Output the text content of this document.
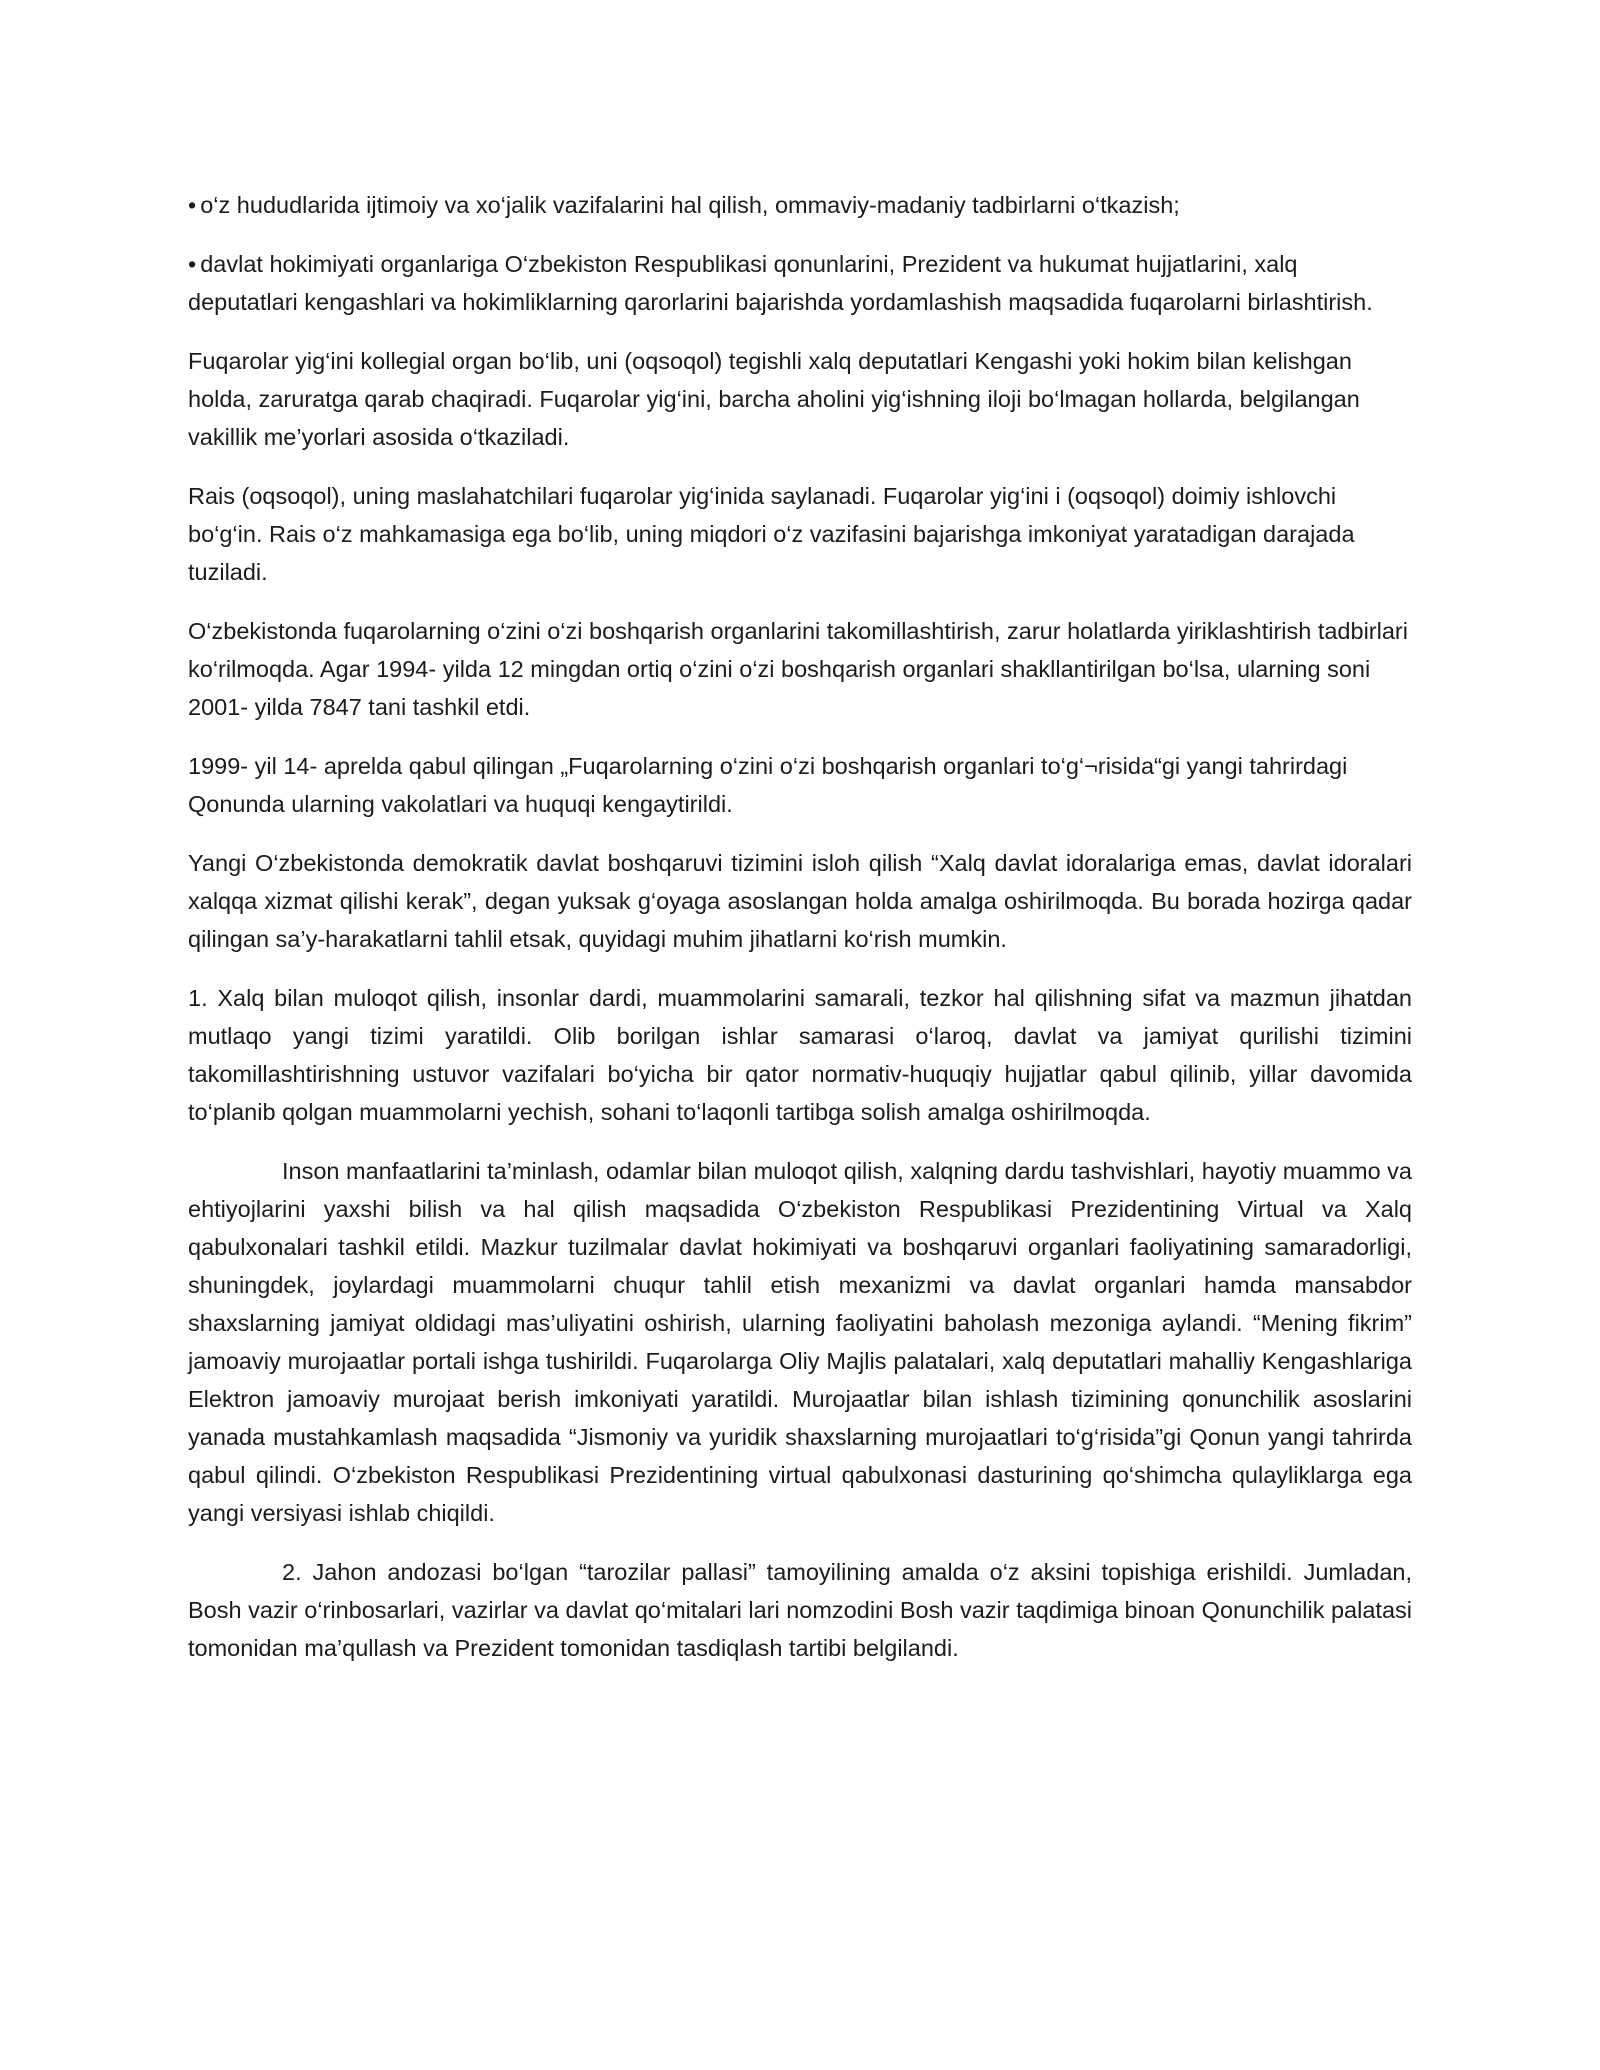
• o‘z hududlarida ijtimoiy va xo‘jalik vazifalarini hal qilish, ommaviy-madaniy tadbirlarni o‘tkazish;

• davlat hokimiyati organlariga O‘zbekiston Respublikasi qonunlarini, Prezident va hukumat hujjatlarini, xalq deputatlari kengashlari va hokimliklarning qarorlarini bajarishda yordamlashish maqsadida fuqarolarni birlashtirish.

Fuqarolar yig‘ini kollegial organ bo‘lib, uni (oqsoqol) tegishli xalq deputatlari Kengashi yoki hokim bilan kelishgan holda, zaruratga qarab chaqiradi. Fuqarolar yig‘ini, barcha aholini yig‘ishning iloji bo‘lmagan hollarda, belgilangan vakillik me’yorlari asosida o‘tkaziladi.

Rais (oqsoqol), uning maslahatchilari fuqarolar yig‘inida saylanadi. Fuqarolar yig‘ini i (oqsoqol) doimiy ishlovchi bo‘g‘in. Rais o‘z mahkamasiga ega bo‘lib, uning miqdori o‘z vazifasini bajarishga imkoniyat yaratadigan darajada tuziladi.

O‘zbekistonda fuqarolarning o‘zini o‘zi boshqarish organlarini takomillashtirish, zarur holatlarda yiriklashtirish tadbirlari ko‘rilmoqda. Agar 1994- yilda 12 mingdan ortiq o‘zini o‘zi boshqarish organlari shakllantirilgan bo‘lsa, ularning soni 2001- yilda 7847 tani tashkil etdi.

1999- yil 14- aprelda qabul qilingan „Fuqarolarning o‘zini o‘zi boshqarish organlari to‘g‘¬risida“gi yangi tahrirdagi Qonunda ularning vakolatlari va huquqi kengaytirildi.

Yangi O‘zbekistonda demokratik davlat boshqaruvi tizimini isloh qilish “Xalq davlat idoralariga emas, davlat idoralari xalqqa xizmat qilishi kerak”, degan yuksak g‘oyaga asoslangan holda amalga oshirilmoqda. Bu borada hozirga qadar qilingan sa’y-harakatlarni tahlil etsak, quyidagi muhim jihatlarni ko‘rish mumkin.

1. Xalq bilan muloqot qilish, insonlar dardi, muammolarini samarali, tezkor hal qilishning sifat va mazmun jihatdan mutlaqo yangi tizimi yaratildi. Olib borilgan ishlar samarasi o‘laroq, davlat va jamiyat qurilishi tizimini takomillashtirishning ustuvor vazifalari bo‘yicha bir qator normativ-huquqiy hujjatlar qabul qilinib, yillar davomida to‘planib qolgan muammolarni yechish, sohani to‘laqonli tartibga solish amalga oshirilmoqda.

Inson manfaatlarini ta’minlash, odamlar bilan muloqot qilish, xalqning dardu tashvishlari, hayotiy muammo va ehtiyojlarini yaxshi bilish va hal qilish maqsadida O‘zbekiston Respublikasi Prezidentining Virtual va Xalq qabulxonalari tashkil etildi. Mazkur tuzilmalar davlat hokimiyati va boshqaruvi organlari faoliyatining samaradorligi, shuningdek, joylardagi muammolarni chuqur tahlil etish mexanizmi va davlat organlari hamda mansabdor shaxslarning jamiyat oldidagi mas’uliyatini oshirish, ularning faoliyatini baholash mezoniga aylandi. “Mening fikrim” jamoaviy murojaatlar portali ishga tushirildi. Fuqarolarga Oliy Majlis palatalari, xalq deputatlari mahalliy Kengashlariga Elektron jamoaviy murojaat berish imkoniyati yaratildi. Murojaatlar bilan ishlash tizimining qonunchilik asoslarini yanada mustahkamlash maqsadida “Jismoniy va yuridik shaxslarning murojaatlari to‘g‘risida”gi Qonun yangi tahrirda qabul qilindi. O‘zbekiston Respublikasi Prezidentining virtual qabulxonasi dasturining qo‘shimcha qulayliklarga ega yangi versiyasi ishlab chiqildi.

2. Jahon andozasi bo‘lgan “tarozilar pallasi” tamoyilining amalda o‘z aksini topishiga erishildi. Jumladan, Bosh vazir o‘rinbosarlari, vazirlar va davlat qo‘mitalari lari nomzodini Bosh vazir taqdimiga binoan Qonunchilik palatasi tomonidan ma’qullash va Prezident tomonidan tasdiqlash tartibi belgilandi.
